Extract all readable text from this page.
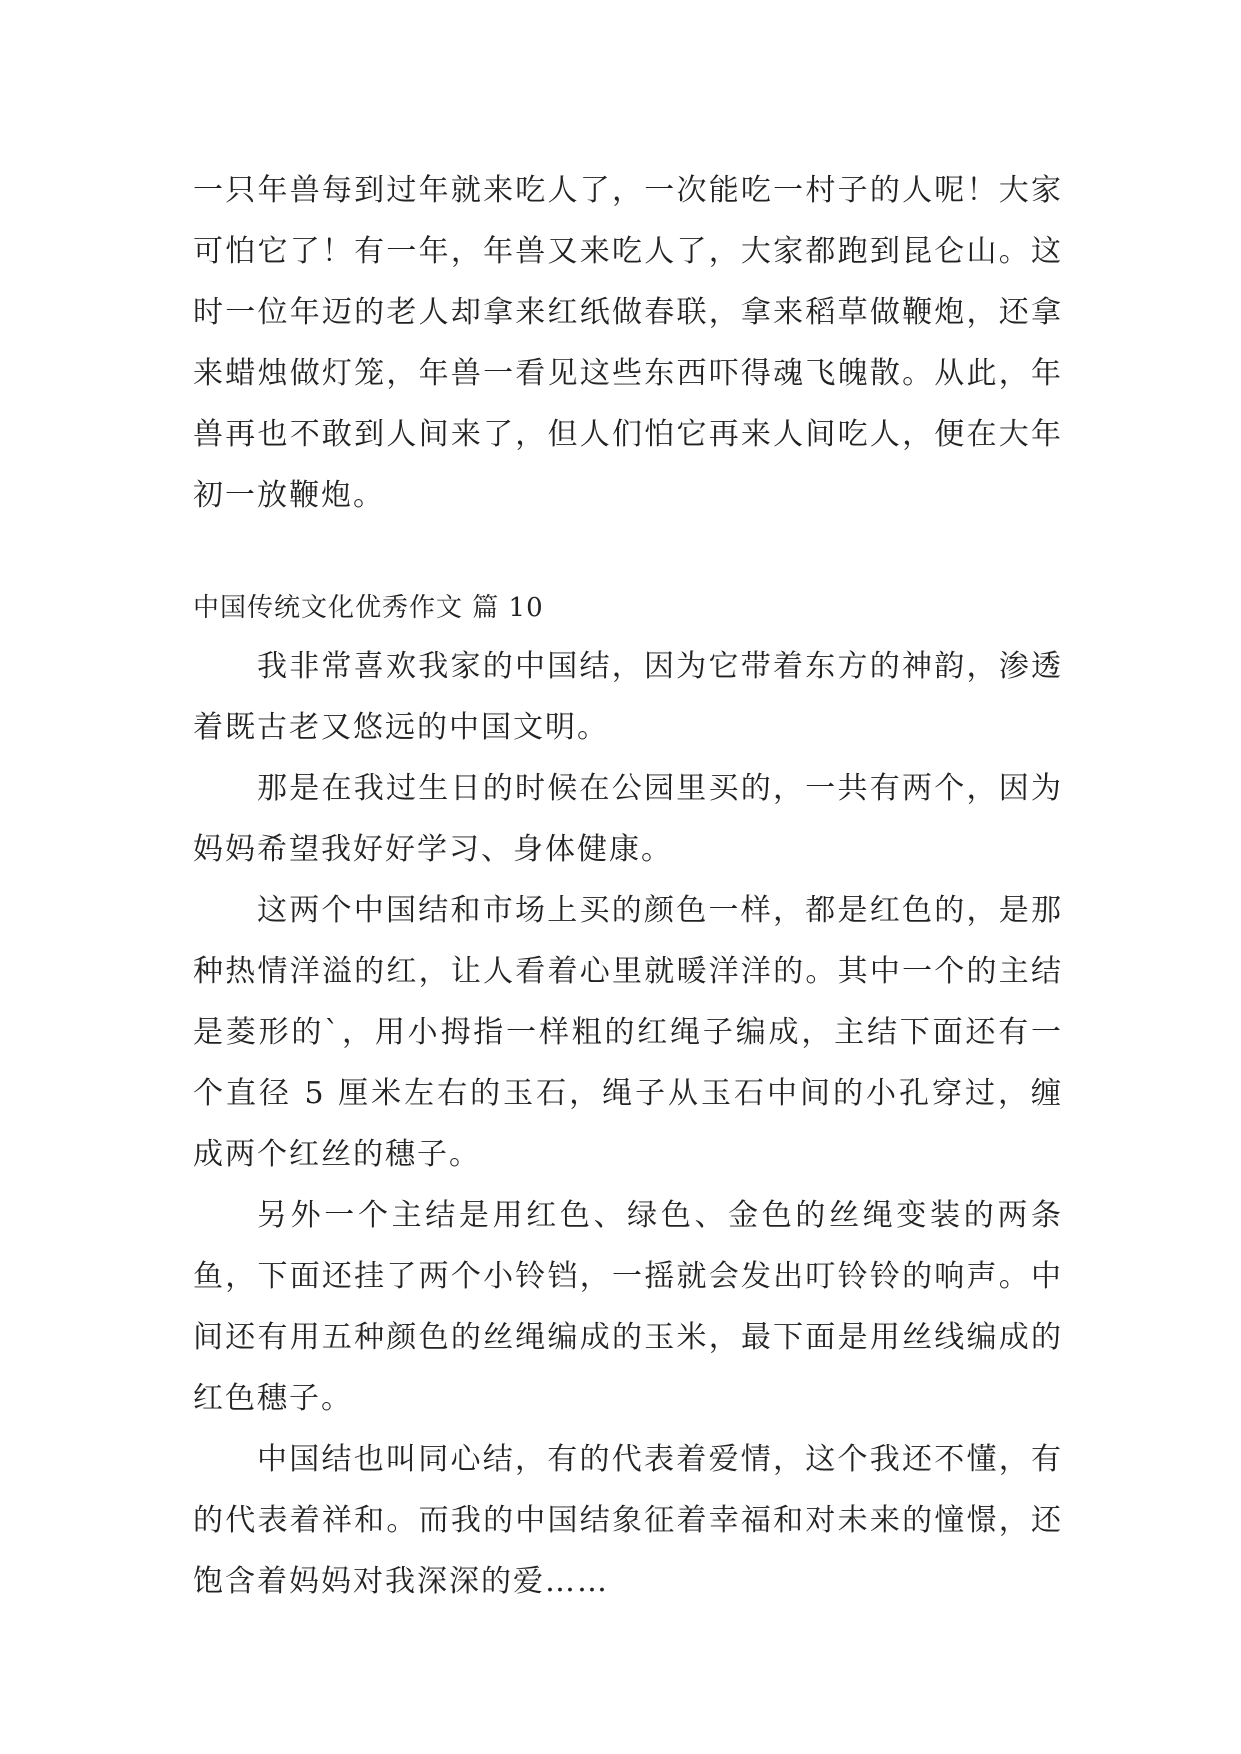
一只年兽每到过年就来吃人了，一次能吃一村子的人呢！大家可怕它了！有一年，年兽又来吃人了，大家都跑到昆仑山。这时一位年迈的老人却拿来红纸做春联，拿来稻草做鞭炮，还拿来蜡烛做灯笼，年兽一看见这些东西吓得魂飞魄散。从此，年兽再也不敢到人间来了，但人们怕它再来人间吃人，便在大年初一放鞭炮。

中国传统文化优秀作文 篇 10

我非常喜欢我家的中国结，因为它带着东方的神韵，渗透着既古老又悠远的中国文明。

那是在我过生日的时候在公园里买的，一共有两个，因为妈妈希望我好好学习、身体健康。

这两个中国结和市场上买的颜色一样，都是红色的，是那种热情洋溢的红，让人看着心里就暖洋洋的。其中一个的主结是菱形的`，用小拇指一样粗的红绳子编成，主结下面还有一个直径 5 厘米左右的玉石，绳子从玉石中间的小孔穿过，缠成两个红丝的穗子。

另外一个主结是用红色、绿色、金色的丝绳变装的两条鱼，下面还挂了两个小铃铛，一摇就会发出叮铃铃的响声。中间还有用五种颜色的丝绳编成的玉米，最下面是用丝线编成的红色穗子。

中国结也叫同心结，有的代表着爱情，这个我还不懂，有的代表着祥和。而我的中国结象征着幸福和对未来的憧憬，还饱含着妈妈对我深深的爱……
